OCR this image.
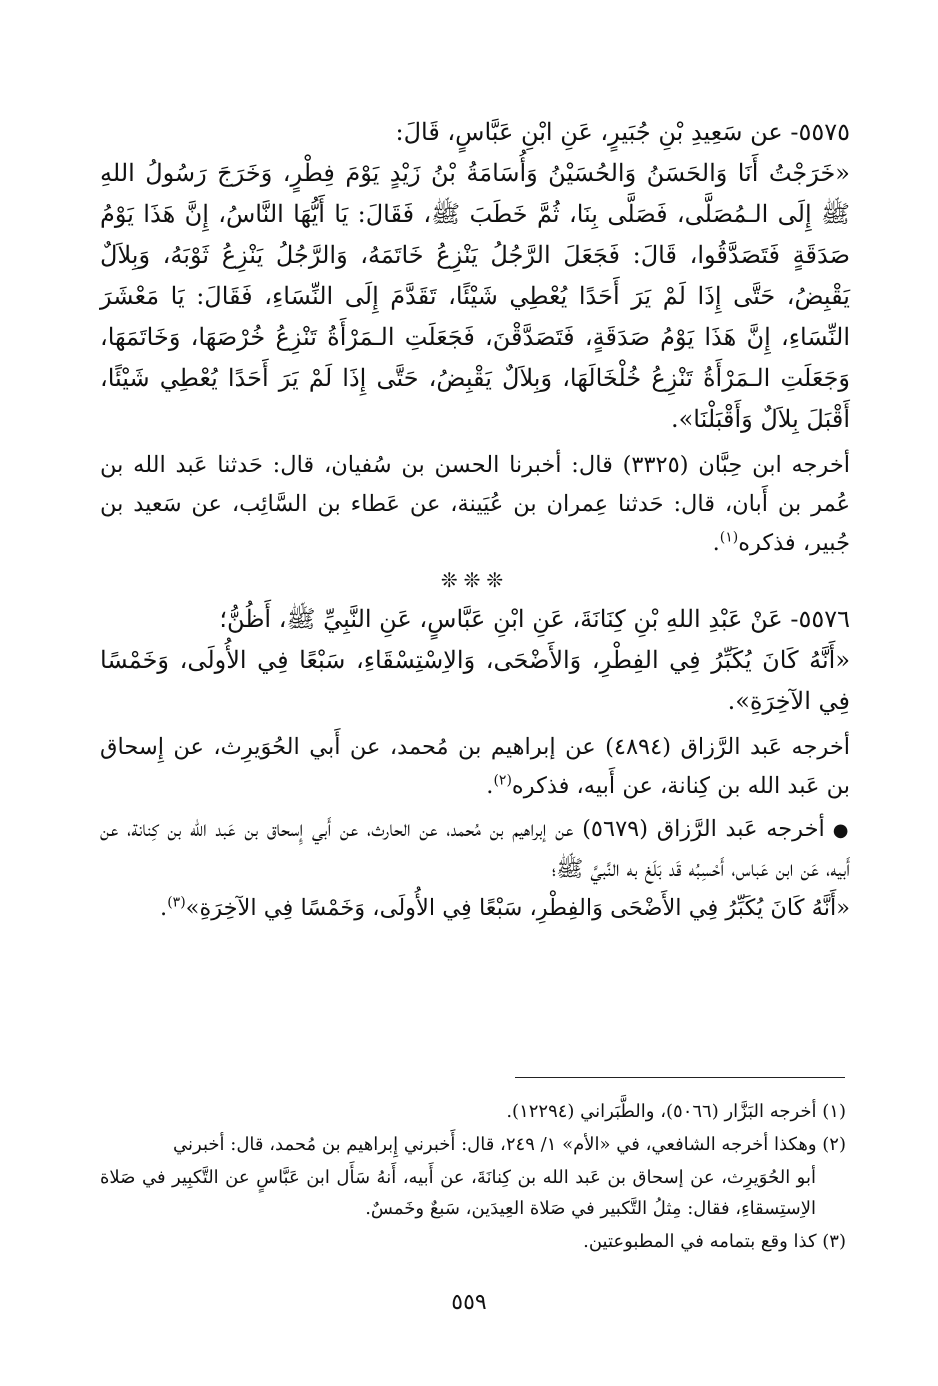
٥٥٧٥- عن سَعِيدِ بْنِ جُبَيرٍ، عَنِ ابْنِ عَبَّاسٍ، قَالَ:

«خَرَجْتُ أَنَا وَالحَسَنُ وَالحُسَيْنُ وَأُسَامَةُ بْنُ زَيْدٍ يَوْمَ فِطْرٍ، وَخَرَجَ رَسُولُ اللهِ ﷺ إِلَى الـمُصَلَّى، فَصَلَّى بِنَا، ثُمَّ خَطَبَ ﷺ، فَقَالَ: يَا أَيُّهَا النَّاسُ، إِنَّ هَذَا يَوْمُ صَدَقَةٍ فَتَصَدَّقُوا، قَالَ: فَجَعَلَ الرَّجُلُ يَنْزِعُ خَاتَمَهُ، وَالرَّجُلُ يَنْزِعُ ثَوْبَهُ، وَبِلاَلٌ يَقْبِضُ، حَتَّى إِذَا لَمْ يَرَ أَحَدًا يُعْطِي شَيْئًا، تَقَدَّمَ إِلَى النِّسَاءِ، فَقَالَ: يَا مَعْشَرَ النِّسَاءِ، إِنَّ هَذَا يَوْمُ صَدَقَةٍ، فَتَصَدَّقْنَ، فَجَعَلَتِ الـمَرْأَةُ تَنْزِعُ خُرْصَهَا، وَخَاتَمَهَا، وَجَعَلَتِ الـمَرْأَةُ تَنْزِعُ خُلْخَالَهَا، وَبِلاَلٌ يَقْبِضُ، حَتَّى إِذَا لَمْ يَرَ أَحَدًا يُعْطِي شَيْئًا، أَقْبَلَ بِلاَلٌ وَأَقْبَلْنَا».

أخرجه ابن حِبَّان (٣٣٢٥) قال: أخبرنا الحسن بن سُفيان، قال: حَدثنا عَبد الله بن عُمر بن أَبان، قال: حَدثنا عِمران بن عُيَينة، عن عَطاء بن السَّائِب، عن سَعيد بن جُبير، فذكره$^{(١)}$.

❊❊❊

٥٥٧٦- عَنْ عَبْدِ اللهِ بْنِ كِنَانَةَ، عَنِ ابْنِ عَبَّاسٍ، عَنِ النَّبِيِّ ﷺ، أَظُنُّ؛

«أَنَّهُ كَانَ يُكَبِّرُ فِي الفِطْرِ، وَالأَضْحَى، وَالاِسْتِسْقَاءِ، سَبْعًا فِي الأُولَى، وَخَمْسًا فِي الآخِرَةِ».

أخرجه عَبد الرَّزاق (٤٨٩٤) عن إبراهيم بن مُحمد، عن أَبي الحُوَيرِث، عن إِسحاق بن عَبد الله بن كِنانة، عن أَبيه، فذكره$^{(٢)}$.

●أخرجه عَبد الرَّزاق (٥٦٧٩) عن إبراهيم بن مُحمد، عن الحارث، عن أَبي إِسحاق بن عَبد الله بن كِنانة، عن أَبيه، عَن ابن عَباس، أَحْسِبُه قَد بَلَغ به النَّبيَّ ﷺ؛
«أَنَّهُ كَانَ يُكَبِّرُ فِي الأَضْحَى وَالفِطْرِ، سَبْعًا فِي الأُولَى، وَخَمْسًا فِي الآخِرَةِ»$^{(٣)}$.

(١) أخرجه البَزَّار (٥٠٦٦)، والطَّبَراني (١٢٢٩٤).

(٢) وهكذا أخرجه الشافعي، في «الأم» ١/ ٢٤٩، قال: أَخبرني إِبراهيم بن مُحمد، قال: أخبرني

أبو الحُوَيرِث، عن إسحاق بن عَبد الله بن كِنانَةَ، عن أَبيه، أَنهُ سَأَل ابن عَبَّاسٍ عن التَّكبِير في صَلاة الاِستِسقاءِ، فقال: مِثلُ التَّكبير في صَلاة العِيدَين، سَبعٌ وخَمسٌ.

(٣) كذا وقع بتمامه في المطبوعتين.

٥٥٩
